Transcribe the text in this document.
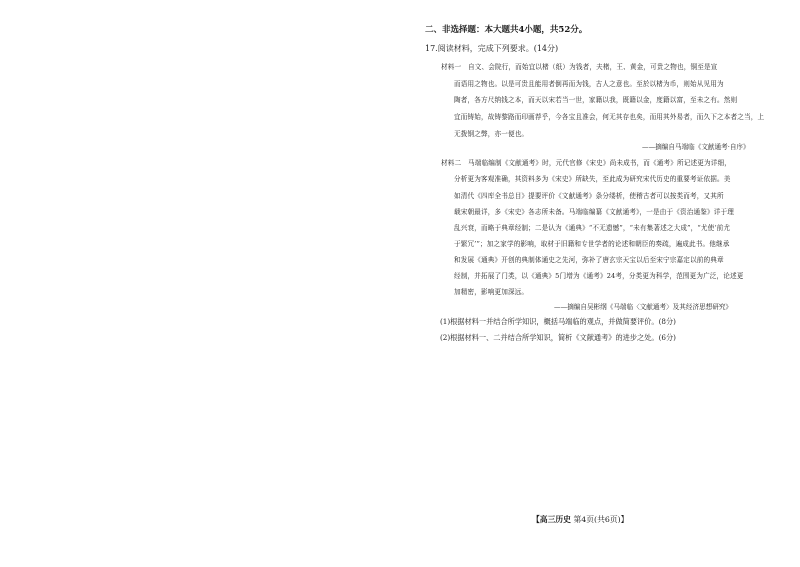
二、非选择题：本大题共4小题，共52分。
17.阅读材料，完成下列要求。(14分)
材料一　自文、会院行，而始宜以楮（纸）为钱者，夫楮，王、黄金，可贵之物也，铜至是宣
而语用之物也。以是可贵且能用者倒再而为钱，古人之意也。至於以楮为币，则始从见用为
陶者，各方尺纳钱之本，而天以宋若当一世，家籍以我，既籍以金，度籍以富，至未之有。然则
宜而铸始，故铸黎路而印画荐乎，今各宝且准会，何无其存也矣，而用其外易者，而久下之本者之当，上
无拨钢之弊，亦一便也。
——摘编自马端临《文献通考·自序》
材料二　马端临编制《文献通考》时，元代官修《宋史》尚未成书，而《通考》所记述更为详细，
分析更为客观准确，其资料多为《宋史》所缺失，至此成为研究宋代历史的重要考证依据。美
如清代《四库全书总目》提要评价《文献通考》条分缕析，使稽古者可以按类而考，又其所
载宋朝最详，多《宋史》各志所未备。马端临编纂《文献通考》，一是由于《资治通鉴》详于理
乱兴衰，而略于典章经制；二是认为《通典》“不无遗憾”，“未有集著述之大成”，“尤使‘前尤
于繁冗’”；加之家学的影响，取材于旧籍和专世学者的论述和朝臣的奏疏，遍成此书。他继承
和发展《通典》开创的典制体通史之先河，弥补了唐玄宗天宝以后至宋宁宗嘉定以前的典章
经制，并拓展了门类，以《通典》5门增为《通考》24考，分类更为科学，范围更为广泛，论述更
加精密，影响更加深远。
——摘编自吴彬纲《马端临〈文献通考〉及其经济思想研究》
(1)根据材料一并结合所学知识，概括马端临的观点，并做简要评价。(8分)
(2)根据材料一、二并结合所学知识，简析《文献通考》的进步之处。(6分)
【高三历史 第4页(共6页)】
